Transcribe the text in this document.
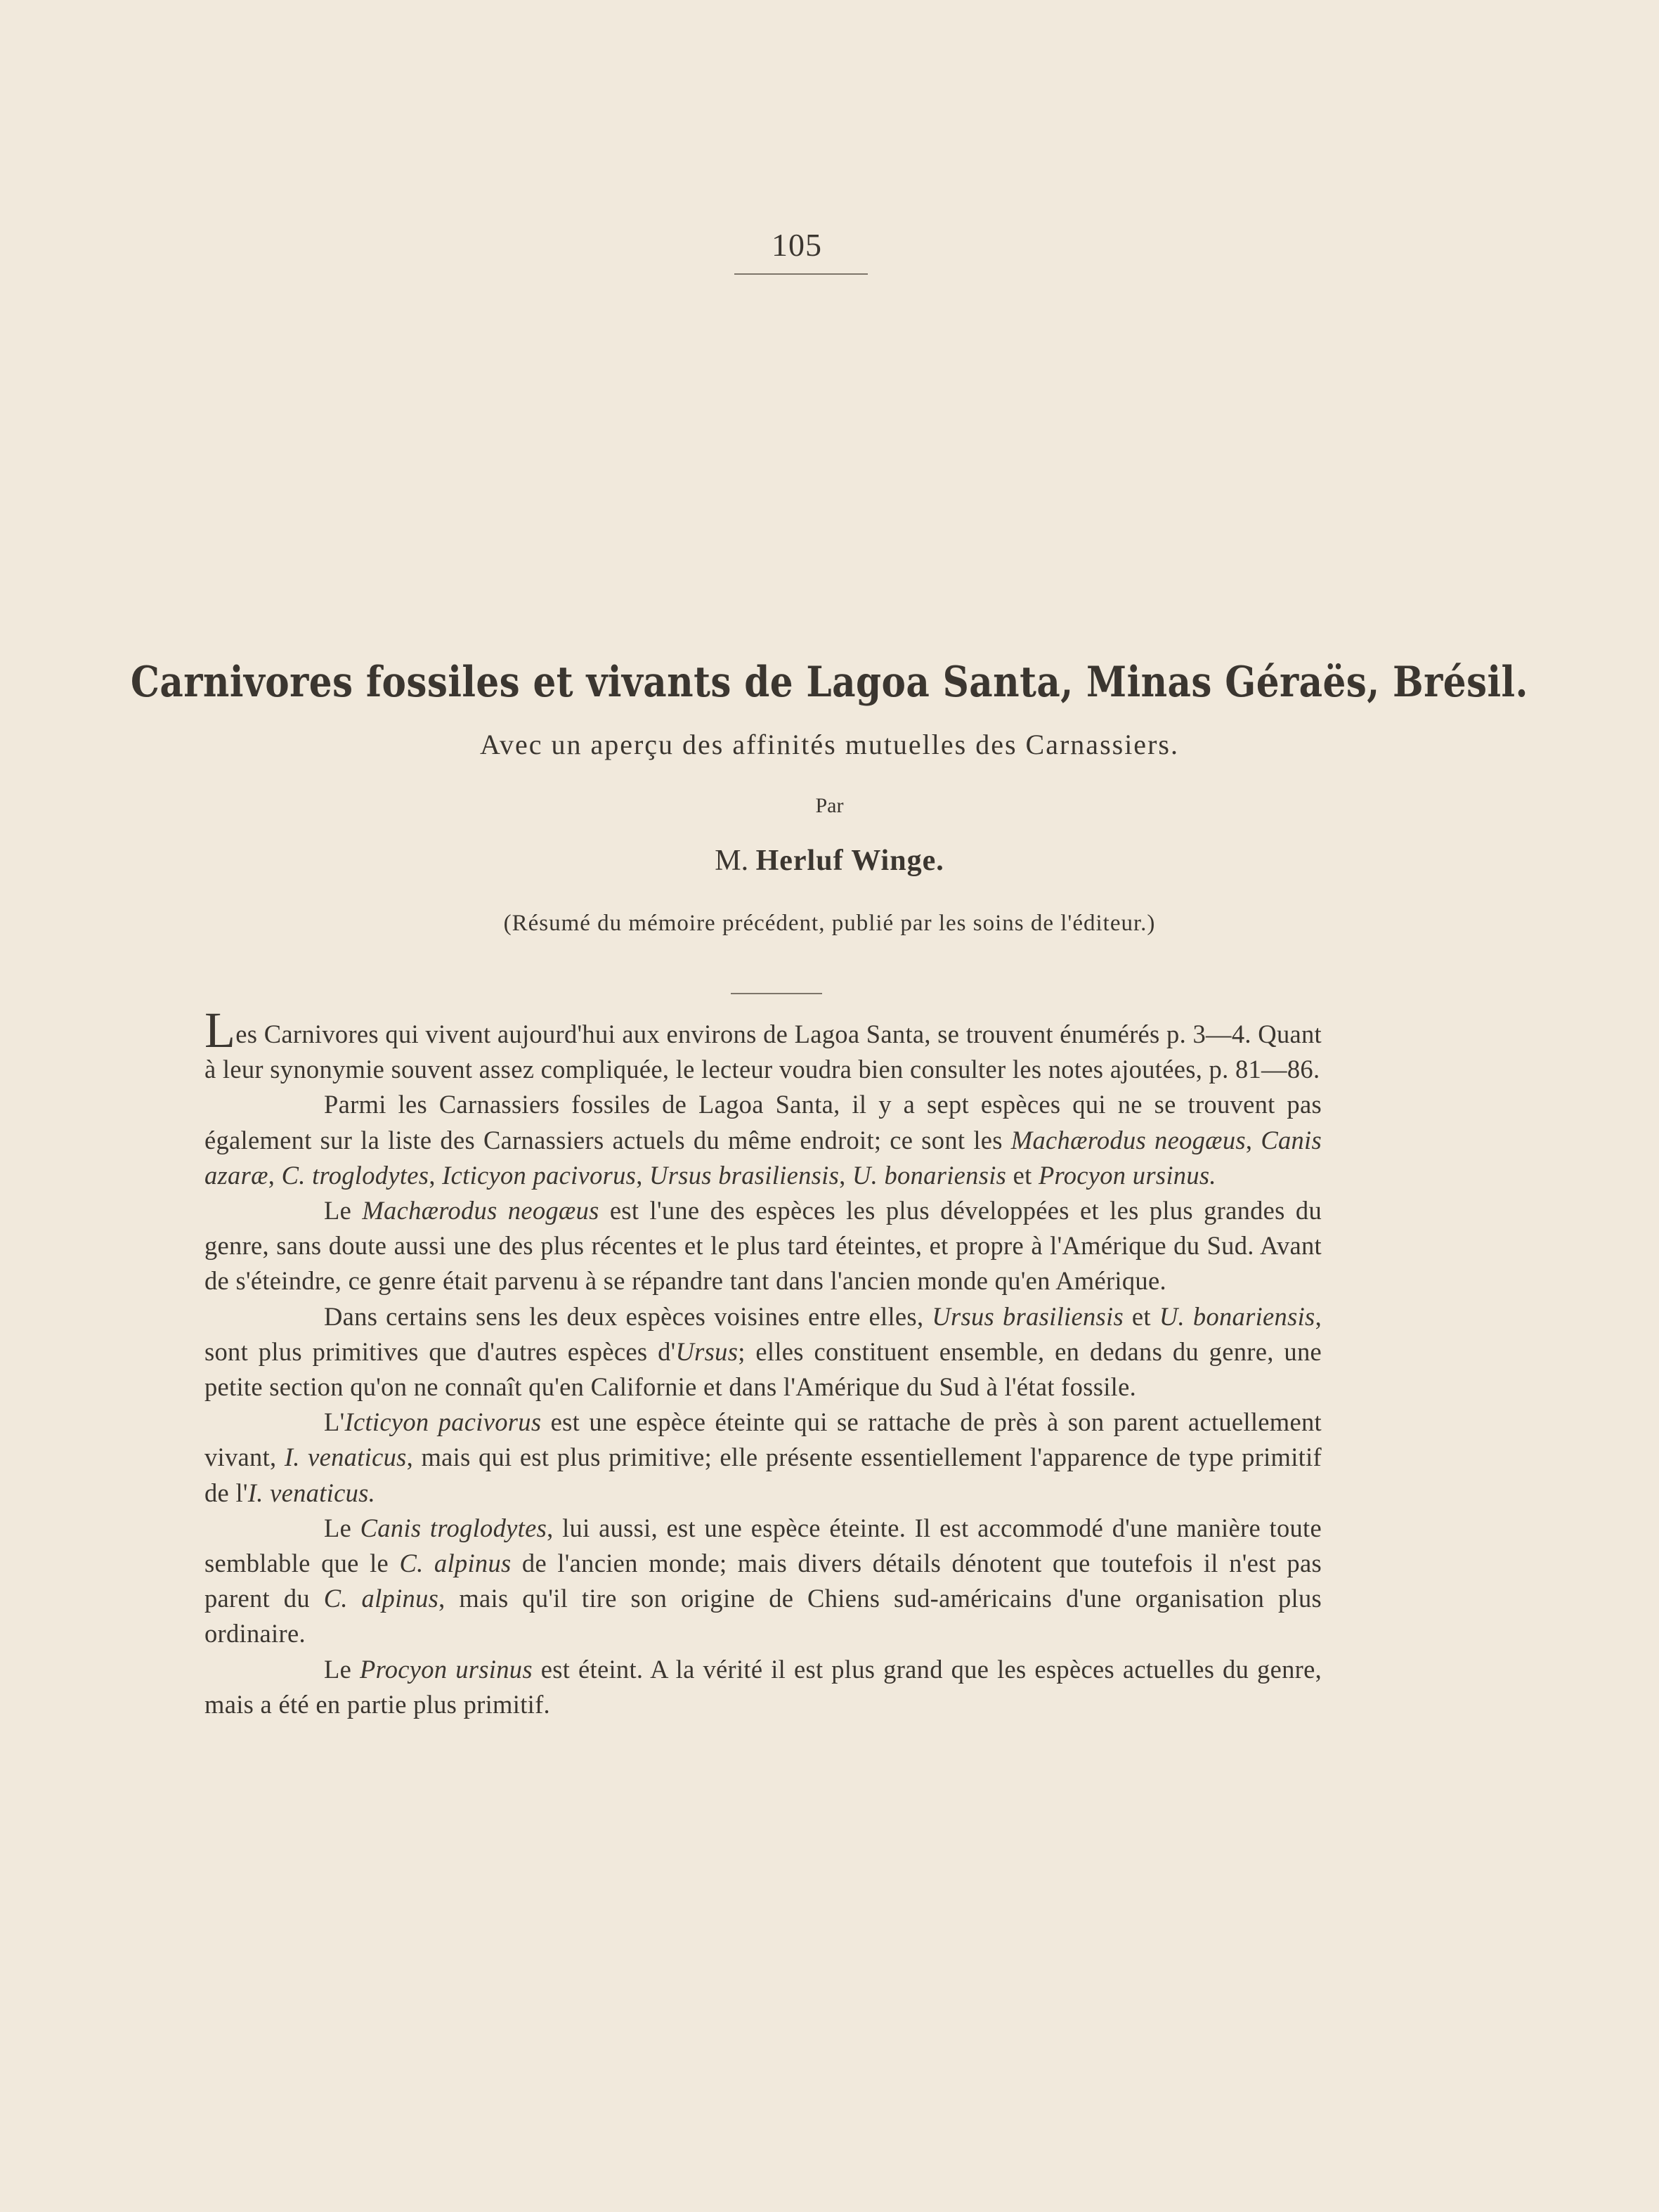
105
Carnivores fossiles et vivants de Lagoa Santa, Minas Géraës, Brésil.
Avec un aperçu des affinités mutuelles des Carnassiers.
Par
M. Herluf Winge.
(Résumé du mémoire précédent, publié par les soins de l'éditeur.)

Les Carnivores qui vivent aujourd'hui aux environs de Lagoa Santa, se trouvent énumérés p. 3—4. Quant à leur synonymie souvent assez compliquée, le lecteur voudra bien consulter les notes ajoutées, p. 81—86.

Parmi les Carnassiers fossiles de Lagoa Santa, il y a sept espèces qui ne se trouvent pas également sur la liste des Carnassiers actuels du même endroit; ce sont les Machærodus neogæus, Canis azaræ, C. troglodytes, Icticyon pacivorus, Ursus brasiliensis, U. bonariensis et Procyon ursinus.

Le Machærodus neogæus est l'une des espèces les plus développées et les plus grandes du genre, sans doute aussi une des plus récentes et le plus tard éteintes, et propre à l'Amérique du Sud. Avant de s'éteindre, ce genre était parvenu à se répandre tant dans l'ancien monde qu'en Amérique.

Dans certains sens les deux espèces voisines entre elles, Ursus brasiliensis et U. bonariensis, sont plus primitives que d'autres espèces d'Ursus; elles constituent ensemble, en dedans du genre, une petite section qu'on ne connaît qu'en Californie et dans l'Amérique du Sud à l'état fossile.

L'Icticyon pacivorus est une espèce éteinte qui se rattache de près à son parent actuellement vivant, I. venaticus, mais qui est plus primitive; elle présente essentiellement l'apparence de type primitif de l'I. venaticus.

Le Canis troglodytes, lui aussi, est une espèce éteinte. Il est accommodé d'une manière toute semblable que le C. alpinus de l'ancien monde; mais divers détails dénotent que toutefois il n'est pas parent du C. alpinus, mais qu'il tire son origine de Chiens sud-américains d'une organisation plus ordinaire.

Le Procyon ursinus est éteint. A la vérité il est plus grand que les espèces actuelles du genre, mais a été en partie plus primitif.
